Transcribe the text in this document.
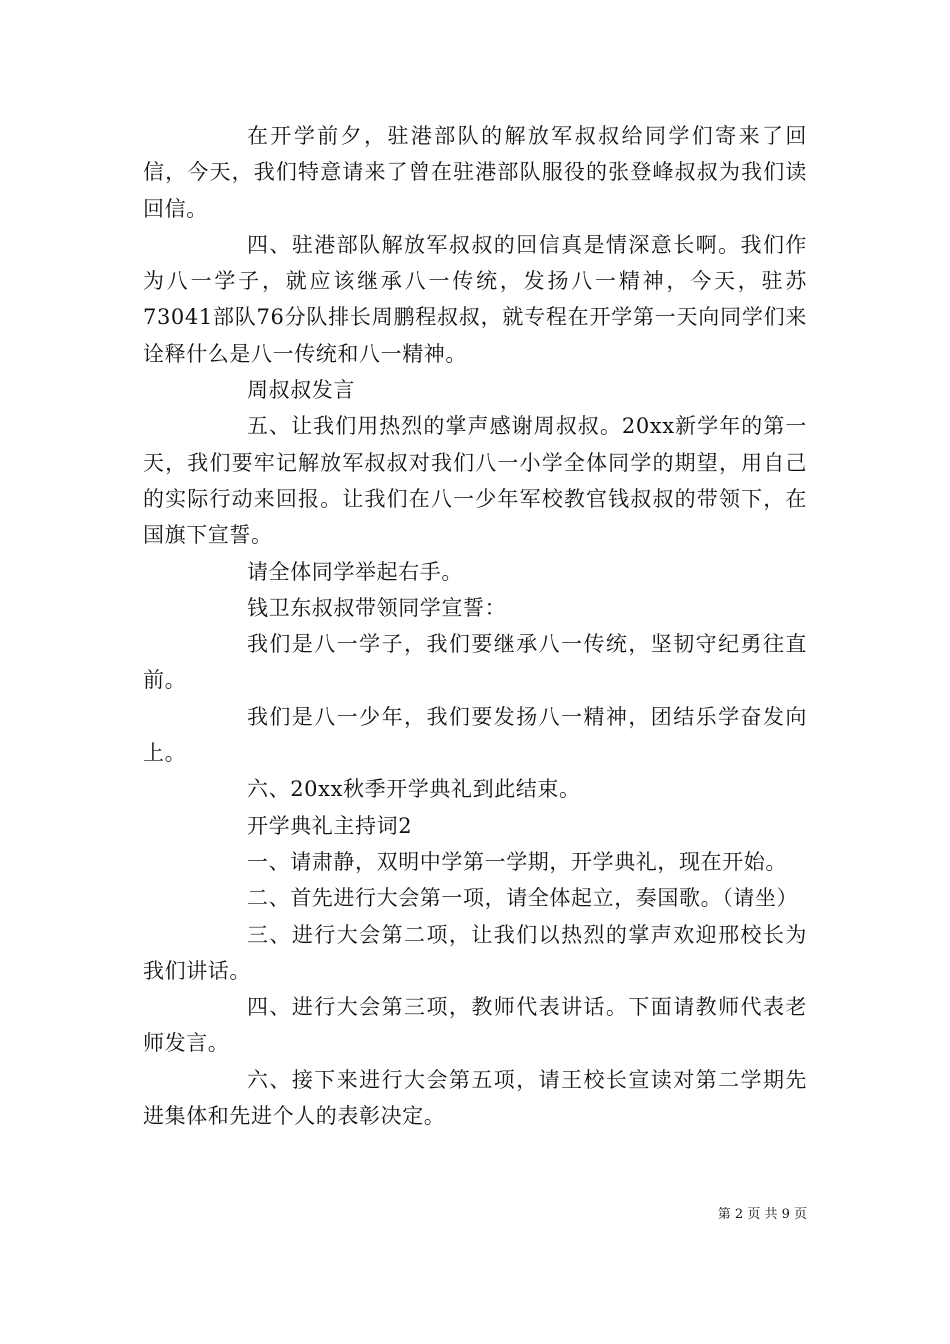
在开学前夕，驻港部队的解放军叔叔给同学们寄来了回信，今天，我们特意请来了曾在驻港部队服役的张登峰叔叔为我们读回信。

四、驻港部队解放军叔叔的回信真是情深意长啊。我们作为八一学子，就应该继承八一传统，发扬八一精神，今天，驻苏73041部队76分队排长周鹏程叔叔，就专程在开学第一天向同学们来诠释什么是八一传统和八一精神。

周叔叔发言

五、让我们用热烈的掌声感谢周叔叔。20xx新学年的第一天，我们要牢记解放军叔叔对我们八一小学全体同学的期望，用自己的实际行动来回报。让我们在八一少年军校教官钱叔叔的带领下，在国旗下宣誓。

请全体同学举起右手。

钱卫东叔叔带领同学宣誓：

我们是八一学子，我们要继承八一传统，坚韧守纪勇往直前。

我们是八一少年，我们要发扬八一精神，团结乐学奋发向上。

六、20xx秋季开学典礼到此结束。

开学典礼主持词2

一、请肃静，双明中学第一学期，开学典礼，现在开始。

二、首先进行大会第一项，请全体起立，奏国歌。（请坐）

三、进行大会第二项，让我们以热烈的掌声欢迎邢校长为我们讲话。

四、进行大会第三项，教师代表讲话。下面请教师代表老师发言。

六、接下来进行大会第五项，请王校长宣读对第二学期先进集体和先进个人的表彰决定。

第 2 页 共 9 页
